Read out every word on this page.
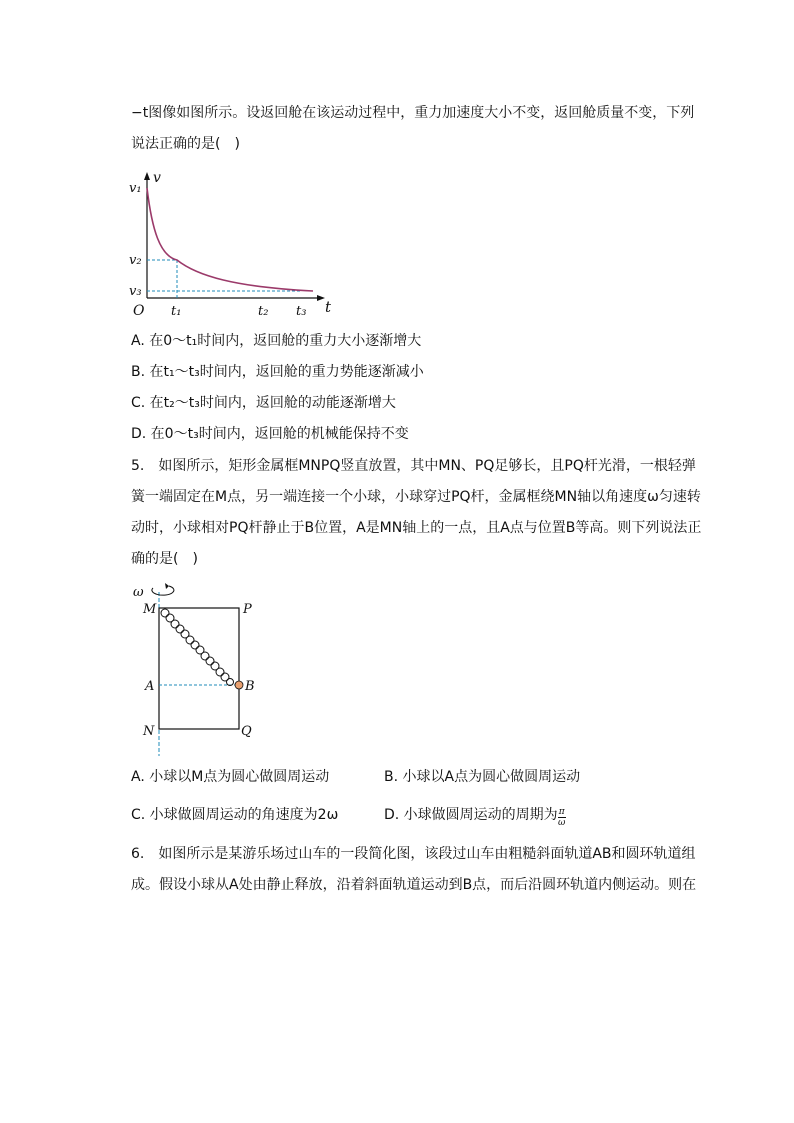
−t图像如图所示。设返回舱在该运动过程中，重力加速度大小不变，返回舱质量不变，下列
说法正确的是(　)
v₁
v
v₂
v₃
O t₁	t₂ t₃ t
A. 在0～t₁时间内，返回舱的重力大小逐渐增大
B. 在t₁～t₃时间内，返回舱的重力势能逐渐减小
C. 在t₂～t₃时间内，返回舱的动能逐渐增大
D. 在0～t₃时间内，返回舱的机械能保持不变
5.　如图所示，矩形金属框MNPQ竖直放置，其中MN、PQ足够长，且PQ杆光滑，一根轻弹
簧一端固定在M点，另一端连接一个小球，小球穿过PQ杆，金属框绕MN轴以角速度ω匀速转
动时，小球相对PQ杆静止于B位置，A是MN轴上的一点，且A点与位置B等高。则下列说法正
确的是(　)
ω
M	P
A	B
N	Q
A. 小球以M点为圆心做圆周运动	B. 小球以A点为圆心做圆周运动
C. 小球做圆周运动的角速度为2ω	D. 小球做圆周运动的周期为 $\frac{\pi}{\omega}$
6.　如图所示是某游乐场过山车的一段简化图，该段过山车由粗糙斜面轨道AB和圆环轨道组
成。假设小球从A处由静止释放，沿着斜面轨道运动到B点，而后沿圆环轨道内侧运动。则在
